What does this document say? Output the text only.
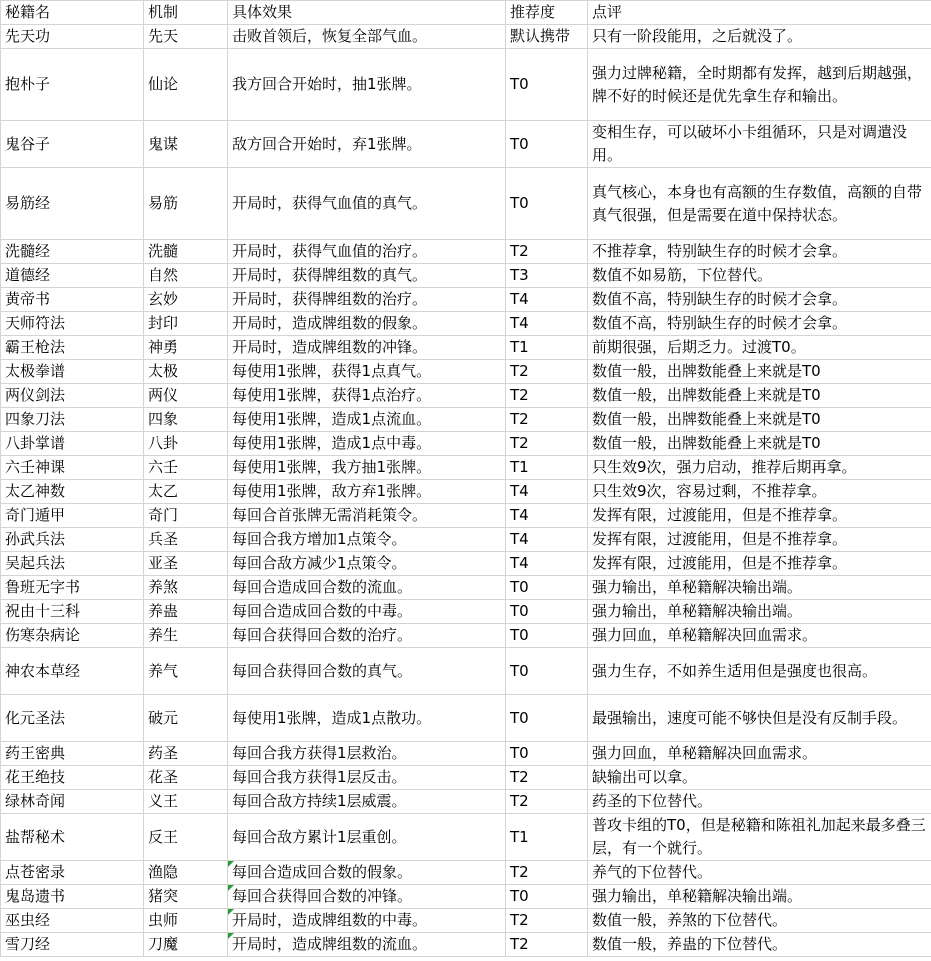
秘籍名	机制	具体效果	推荐度	点评
先天功	先天	击败首领后，恢复全部气血。	默认携带	只有一阶段能用，之后就没了。
抱朴子	仙论	我方回合开始时，抽1张牌。	T0	强力过牌秘籍，全时期都有发挥，越到后期越强，牌不好的时候还是优先拿生存和输出。
鬼谷子	鬼谋	敌方回合开始时，弃1张牌。	T0	变相生存，可以破坏小卡组循环，只是对调遣没用。
易筋经	易筋	开局时，获得气血值的真气。	T0	真气核心，本身也有高额的生存数值，高额的自带真气很强，但是需要在道中保持状态。
洗髓经	洗髓	开局时，获得气血值的治疗。	T2	不推荐拿，特别缺生存的时候才会拿。
道德经	自然	开局时，获得牌组数的真气。	T3	数值不如易筋，下位替代。
黄帝书	玄妙	开局时，获得牌组数的治疗。	T4	数值不高，特别缺生存的时候才会拿。
天师符法	封印	开局时，造成牌组数的假象。	T4	数值不高，特别缺生存的时候才会拿。
霸王枪法	神勇	开局时，造成牌组数的冲锋。	T1	前期很强，后期乏力。过渡T0。
太极拳谱	太极	每使用1张牌，获得1点真气。	T2	数值一般，出牌数能叠上来就是T0
两仪剑法	两仪	每使用1张牌，获得1点治疗。	T2	数值一般，出牌数能叠上来就是T0
四象刀法	四象	每使用1张牌，造成1点流血。	T2	数值一般，出牌数能叠上来就是T0
八卦掌谱	八卦	每使用1张牌，造成1点中毒。	T2	数值一般，出牌数能叠上来就是T0
六壬神课	六壬	每使用1张牌，我方抽1张牌。	T1	只生效9次，强力启动，推荐后期再拿。
太乙神数	太乙	每使用1张牌，敌方弃1张牌。	T4	只生效9次，容易过剩，不推荐拿。
奇门遁甲	奇门	每回合首张牌无需消耗策令。	T4	发挥有限，过渡能用，但是不推荐拿。
孙武兵法	兵圣	每回合我方增加1点策令。	T4	发挥有限，过渡能用，但是不推荐拿。
吴起兵法	亚圣	每回合敌方减少1点策令。	T4	发挥有限，过渡能用，但是不推荐拿。
鲁班无字书	养煞	每回合造成回合数的流血。	T0	强力输出，单秘籍解决输出端。
祝由十三科	养蛊	每回合造成回合数的中毒。	T0	强力输出，单秘籍解决输出端。
伤寒杂病论	养生	每回合获得回合数的治疗。	T0	强力回血，单秘籍解决回血需求。
神农本草经	养气	每回合获得回合数的真气。	T0	强力生存，不如养生适用但是强度也很高。
化元圣法	破元	每使用1张牌，造成1点散功。	T0	最强输出，速度可能不够快但是没有反制手段。
药王密典	药圣	每回合我方获得1层救治。	T0	强力回血，单秘籍解决回血需求。
花王绝技	花圣	每回合我方获得1层反击。	T2	缺输出可以拿。
绿林奇闻	义王	每回合敌方持续1层威震。	T2	药圣的下位替代。
盐帮秘术	反王	每回合敌方累计1层重创。	T1	普攻卡组的T0，但是秘籍和陈祖礼加起来最多叠三层，有一个就行。
点苍密录	渔隐	每回合造成回合数的假象。	T2	养气的下位替代。
鬼岛遗书	猪突	每回合获得回合数的冲锋。	T0	强力输出，单秘籍解决输出端。
巫虫经	虫师	开局时，造成牌组数的中毒。	T2	数值一般，养煞的下位替代。
雪刀经	刀魔	开局时，造成牌组数的流血。	T2	数值一般，养蛊的下位替代。
